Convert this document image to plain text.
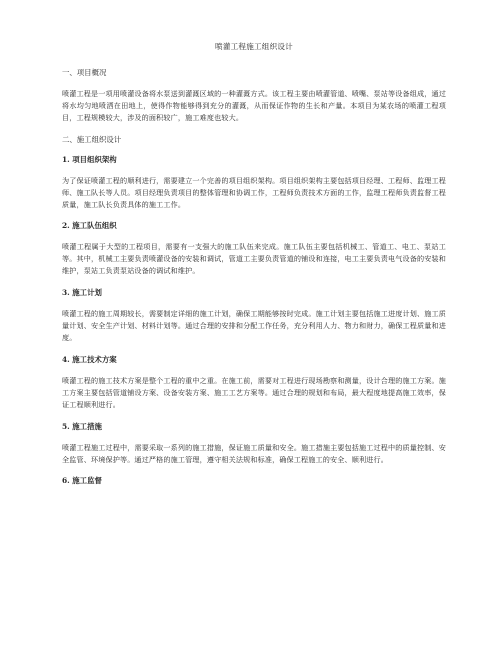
喷灌工程施工组织设计
一、项目概况
喷灌工程是一项用喷灌设备将水泵送到灌溉区域的一种灌溉方式。该工程主要由喷灌管道、喷嘴、泵站等设备组成，通过将水均匀地喷洒在田地上，使得作物能够得到充分的灌溉，从而保证作物的生长和产量。本项目为某农场的喷灌工程项目，工程规模较大，涉及的面积较广，施工难度也较大。
二、施工组织设计
1. 项目组织架构
为了保证喷灌工程的顺利进行，需要建立一个完善的项目组织架构。项目组织架构主要包括项目经理、工程师、监理工程师、施工队长等人员。项目经理负责项目的整体管理和协调工作，工程师负责技术方面的工作，监理工程师负责监督工程质量，施工队长负责具体的施工工作。
2. 施工队伍组织
喷灌工程属于大型的工程项目，需要有一支强大的施工队伍来完成。施工队伍主要包括机械工、管道工、电工、泵站工等。其中，机械工主要负责喷灌设备的安装和调试，管道工主要负责管道的铺设和连接，电工主要负责电气设备的安装和维护，泵站工负责泵站设备的调试和维护。
3. 施工计划
喷灌工程的施工周期较长，需要制定详细的施工计划，确保工期能够按时完成。施工计划主要包括施工进度计划、施工质量计划、安全生产计划、材料计划等。通过合理的安排和分配工作任务，充分利用人力、物力和财力，确保工程质量和进度。
4. 施工技术方案
喷灌工程的施工技术方案是整个工程的重中之重。在施工前，需要对工程进行现场勘察和测量，设计合理的施工方案。施工方案主要包括管道铺设方案、设备安装方案、施工工艺方案等。通过合理的规划和布局，最大程度地提高施工效率，保证工程顺利进行。
5. 施工措施
喷灌工程施工过程中，需要采取一系列的施工措施，保证施工质量和安全。施工措施主要包括施工过程中的质量控制、安全监管、环境保护等。通过严格的施工管理，遵守相关法规和标准，确保工程施工的安全、顺利进行。
6. 施工监督
